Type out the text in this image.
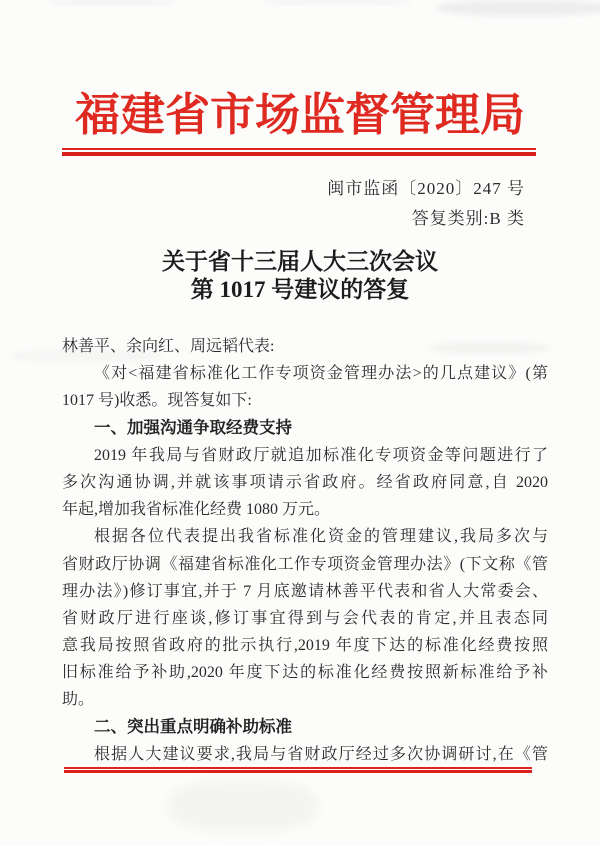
福建省市场监督管理局
闽市监函〔2020〕247 号
答复类别:B 类
关于省十三届人大三次会议
第 1017 号建议的答复
林善平、余向红、周远韬代表:
《对<福建省标准化工作专项资金管理办法>的几点建议》(第
1017 号)收悉。现答复如下:
一、加强沟通争取经费支持
2019 年我局与省财政厅就追加标准化专项资金等问题进行了
多次沟通协调,并就该事项请示省政府。经省政府同意,自 2020
年起,增加我省标准化经费 1080 万元。
根据各位代表提出我省标准化资金的管理建议,我局多次与
省财政厅协调《福建省标准化工作专项资金管理办法》(下文称《管
理办法》)修订事宜,并于 7 月底邀请林善平代表和省人大常委会、
省财政厅进行座谈,修订事宜得到与会代表的肯定,并且表态同
意我局按照省政府的批示执行,2019 年度下达的标准化经费按照
旧标准给予补助,2020 年度下达的标准化经费按照新标准给予补
助。
二、突出重点明确补助标准
根据人大建议要求,我局与省财政厅经过多次协调研讨,在《管
